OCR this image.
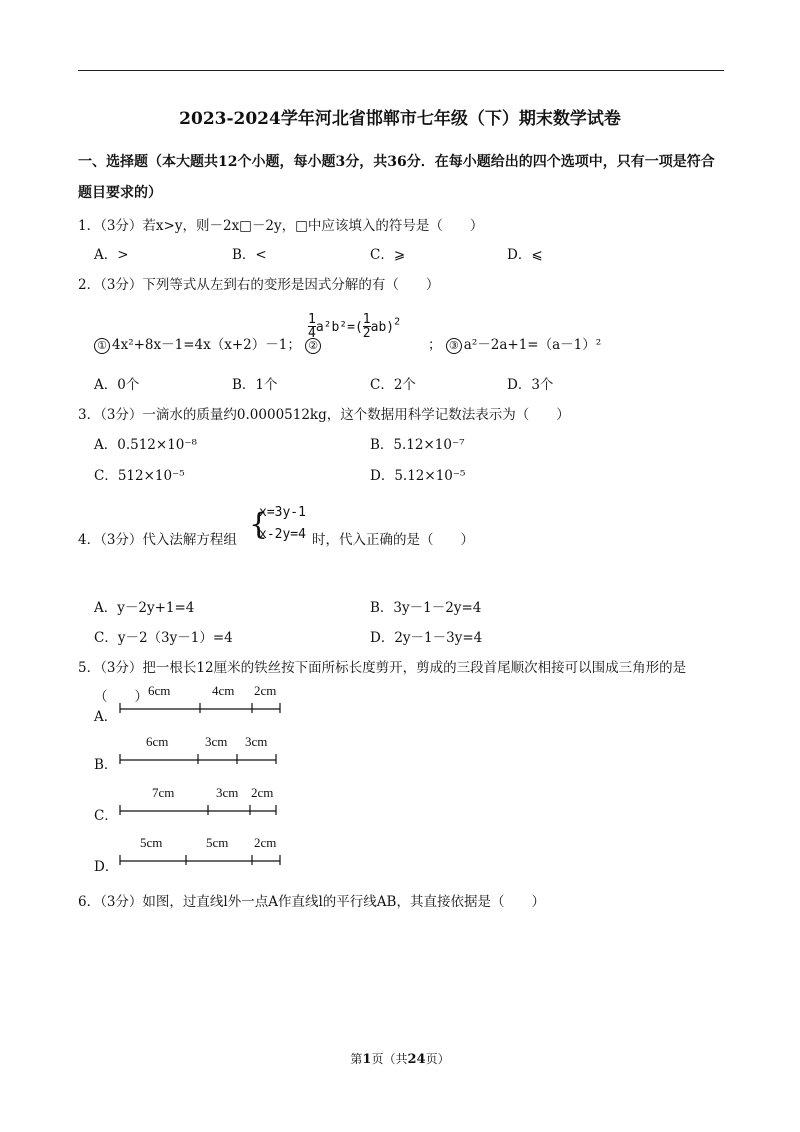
2023-2024学年河北省邯郸市七年级（下）期末数学试卷
一、选择题（本大题共12个小题，每小题3分，共36分．在每小题给出的四个选项中，只有一项是符合
题目要求的）
1．（3分）若x>y，则－2x□－2y，□中应该填入的符号是（　　）
A．>	B．<	C．⩾	D．⩽
2．（3分）下列等式从左到右的变形是因式分解的有（　　）
① 4x²+8x－1=4x（x+2）－1； ②
$\frac{1}{4} a^2b^2=( \frac{1}{2} ab)^2$
； ③ a²－2a+1=（a－1）²
A．0个	B．1个	C．2个	D．3个
3．（3分）一滴水的质量约0.0000512kg，这个数据用科学记数法表示为（　　）
A．0.512×10⁻⁸	B．5.12×10⁻⁷
C．512×10⁻⁵	D．5.12×10⁻⁵
4．（3分）代入法解方程组 {
x=3y-1
x-2y=4 时，代入正确的是（　　）
A．y－2y+1=4	B．3y－1－2y=4
C．y－2（3y－1）=4	D．2y－1－3y=4
5．（3分）把一根长12厘米的铁丝按下面所标长度剪开，剪成的三段首尾顺次相接可以围成三角形的是
（　　）
A．
6cm	4cm 2cm
B．
6cm	3cm 3cm
C．
7cm	3cm 2cm
D．
5cm	5cm 2cm
6．（3分）如图，过直线l外一点A作直线l的平行线AB，其直接依据是（　　）
第1页（共24页）
